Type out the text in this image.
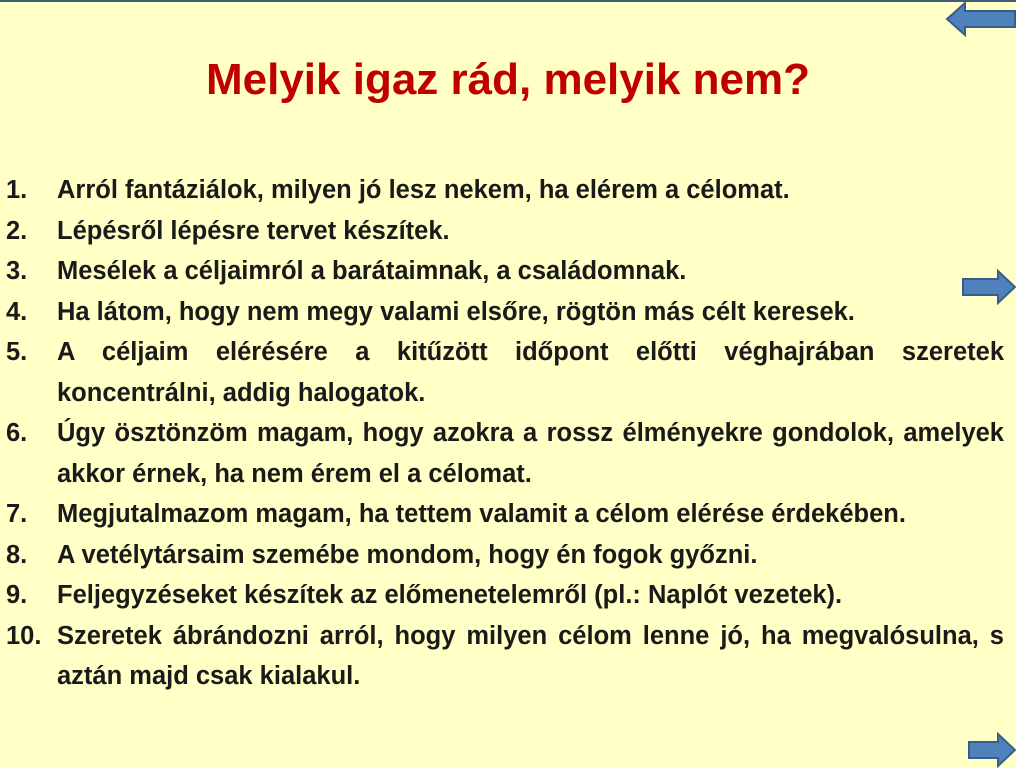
Melyik igaz rád, melyik nem?
1. Arról fantáziálok, milyen jó lesz nekem, ha elérem a célomat.
2. Lépésről lépésre tervet készítek.
3. Mesélek a céljaimról a barátaimnak, a családomnak.
4. Ha látom, hogy nem megy valami elsőre, rögtön más célt keresek.
5. A céljaim elérésére a kitűzött időpont előtti véghajrában szeretek koncentrálni, addig halogatok.
6. Úgy ösztönzöm magam, hogy azokra a rossz élményekre gondolok, amelyek akkor érnek, ha nem érem el a célomat.
7. Megjutalmazom magam, ha tettem valamit a célom elérése érdekében.
8. A vetélytársaim szemébe mondom, hogy én fogok győzni.
9. Feljegyzéseket készítek az előmenetelemről (pl.: Naplót vezetek).
10. Szeretek ábrándozni arról, hogy milyen célom lenne jó, ha megvalósulna, s aztán majd csak kialakul.
